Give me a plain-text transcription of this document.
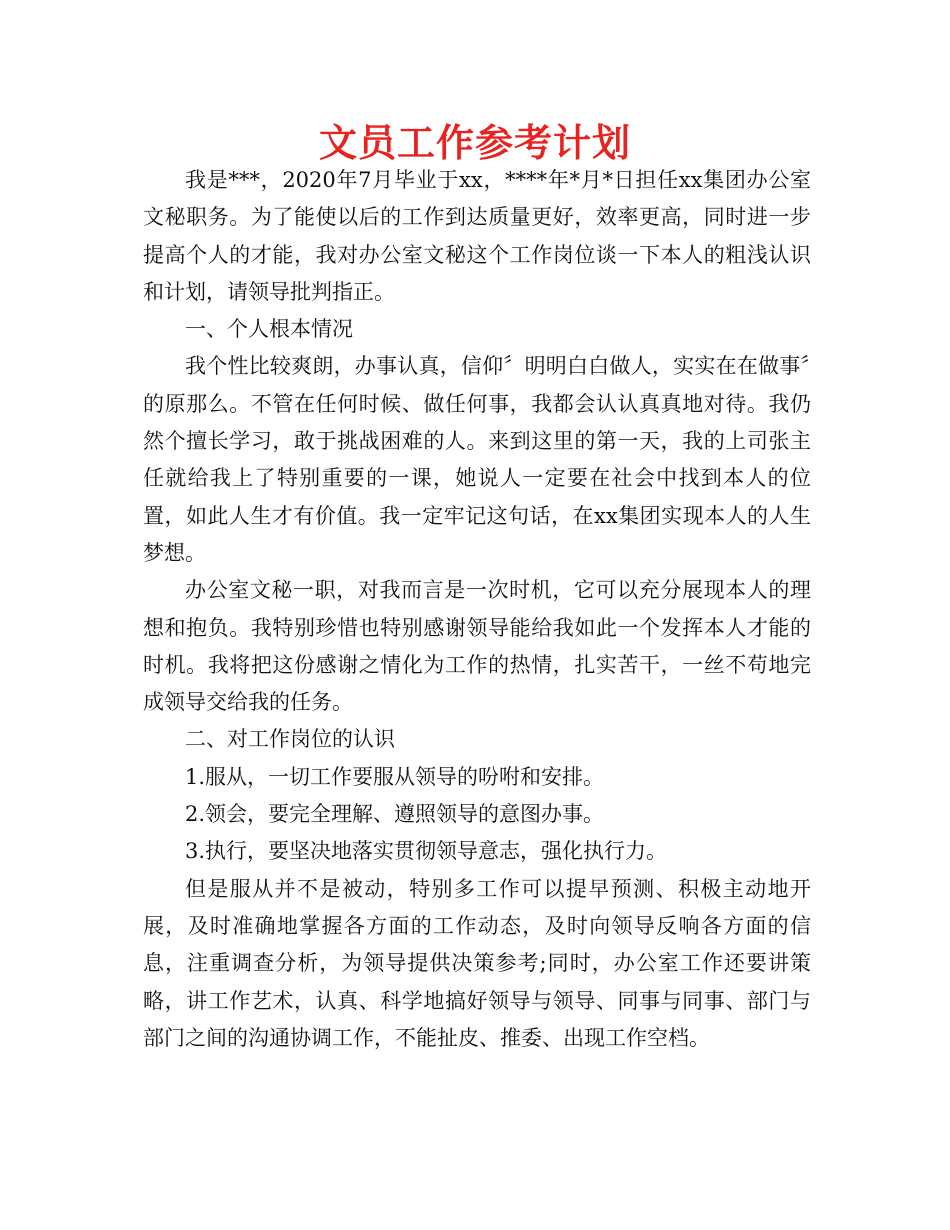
文员工作参考计划

我是***，2020年7月毕业于xx，****年*月*日担任xx集团办公室文秘职务。为了能使以后的工作到达质量更好，效率更高，同时进一步提高个人的才能，我对办公室文秘这个工作岗位谈一下本人的粗浅认识和计划，请领导批判指正。

一、个人根本情况

我个性比较爽朗，办事认真，信仰〞明明白白做人，实实在在做事〞的原那么。不管在任何时候、做任何事，我都会认认真真地对待。我仍然个擅长学习，敢于挑战困难的人。来到这里的第一天，我的上司张主任就给我上了特别重要的一课，她说人一定要在社会中找到本人的位置，如此人生才有价值。我一定牢记这句话，在xx集团实现本人的人生梦想。

办公室文秘一职，对我而言是一次时机，它可以充分展现本人的理想和抱负。我特别珍惜也特别感谢领导能给我如此一个发挥本人才能的时机。我将把这份感谢之情化为工作的热情，扎实苦干，一丝不苟地完成领导交给我的任务。

二、对工作岗位的认识

1.服从，一切工作要服从领导的吩咐和安排。

2.领会，要完全理解、遵照领导的意图办事。

3.执行，要坚决地落实贯彻领导意志，强化执行力。

但是服从并不是被动，特别多工作可以提早预测、积极主动地开展，及时准确地掌握各方面的工作动态，及时向领导反响各方面的信息，注重调查分析，为领导提供决策参考;同时，办公室工作还要讲策略，讲工作艺术，认真、科学地搞好领导与领导、同事与同事、部门与部门之间的沟通协调工作，不能扯皮、推委、出现工作空档。
